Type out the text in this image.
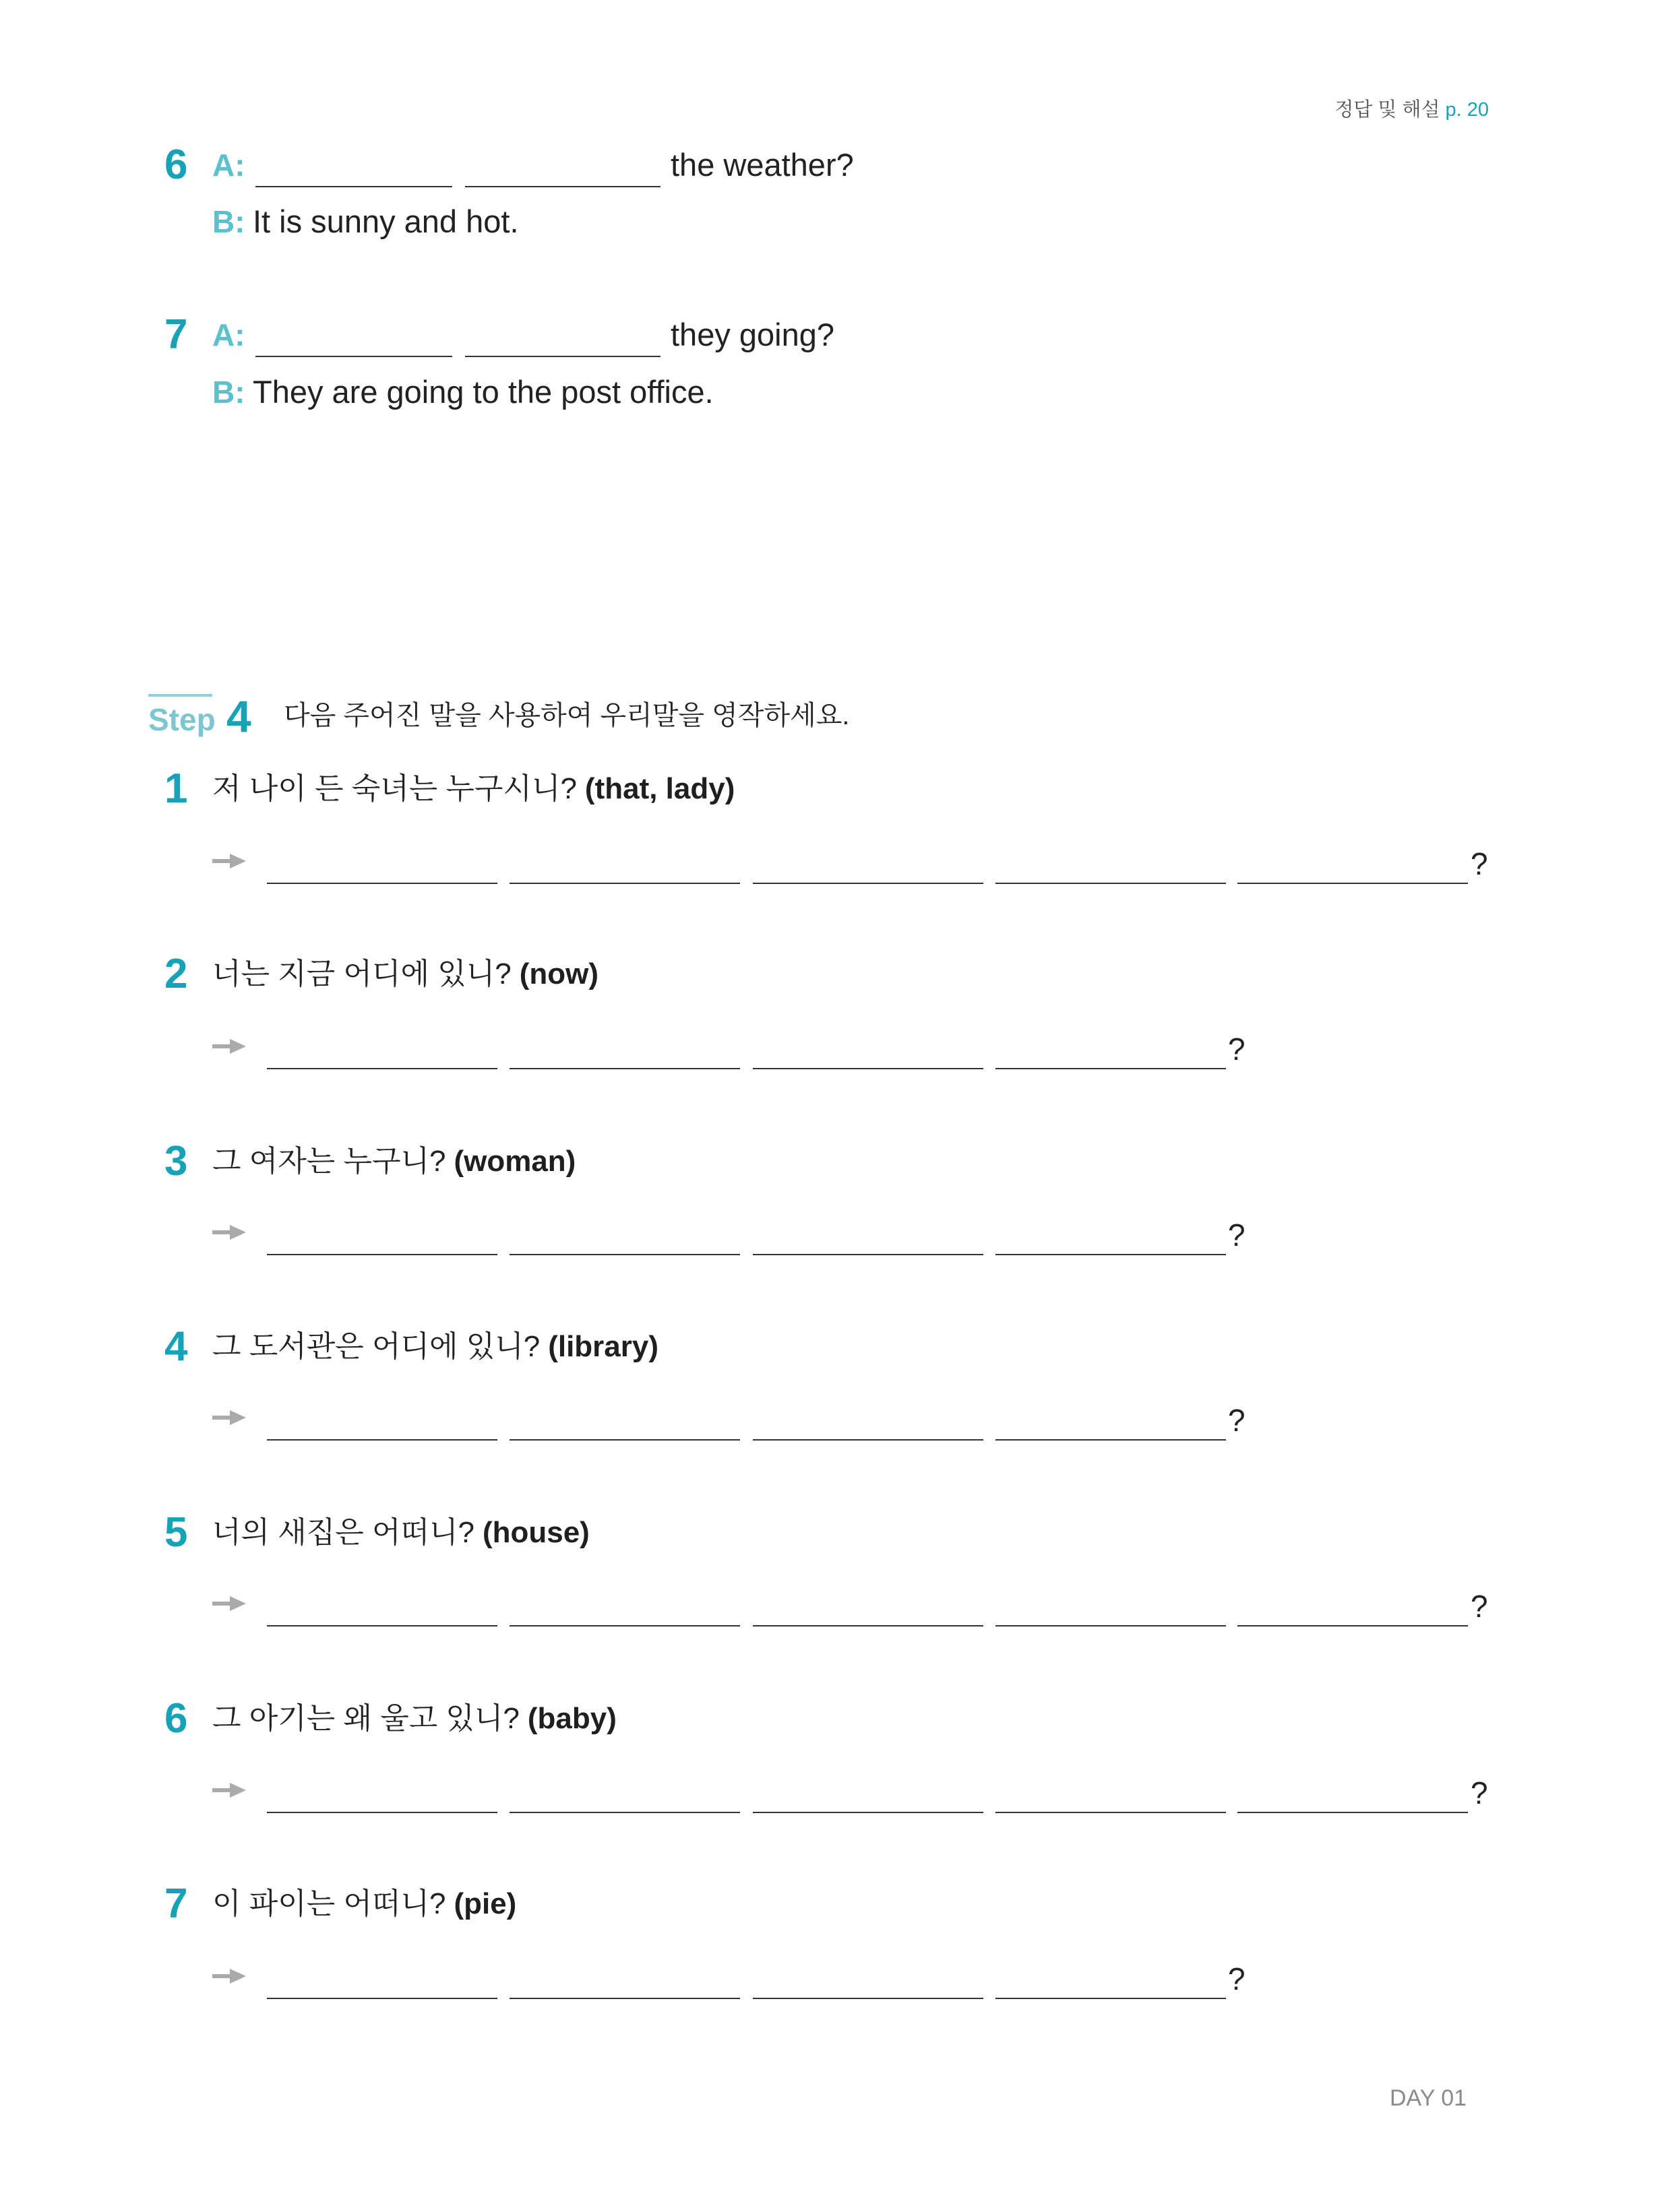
정답 및 해설 p. 20
6 A:	the weather?
B: It is sunny and hot.
7 A:	they going?
B: They are going to the post office.
Step 4 다음 주어진 말을 사용하여 우리말을 영작하세요.
1 저 나이 든 숙녀는 누구시니? (that, lady)
?
2 너는 지금 어디에 있니? (now)
?
3 그 여자는 누구니? (woman)
?
4 그 도서관은 어디에 있니? (library)
?
5 너의 새집은 어떠니? (house)
?
6 그 아기는 왜 울고 있니? (baby)
?
7 이 파이는 어떠니? (pie)
?
DAY 01
